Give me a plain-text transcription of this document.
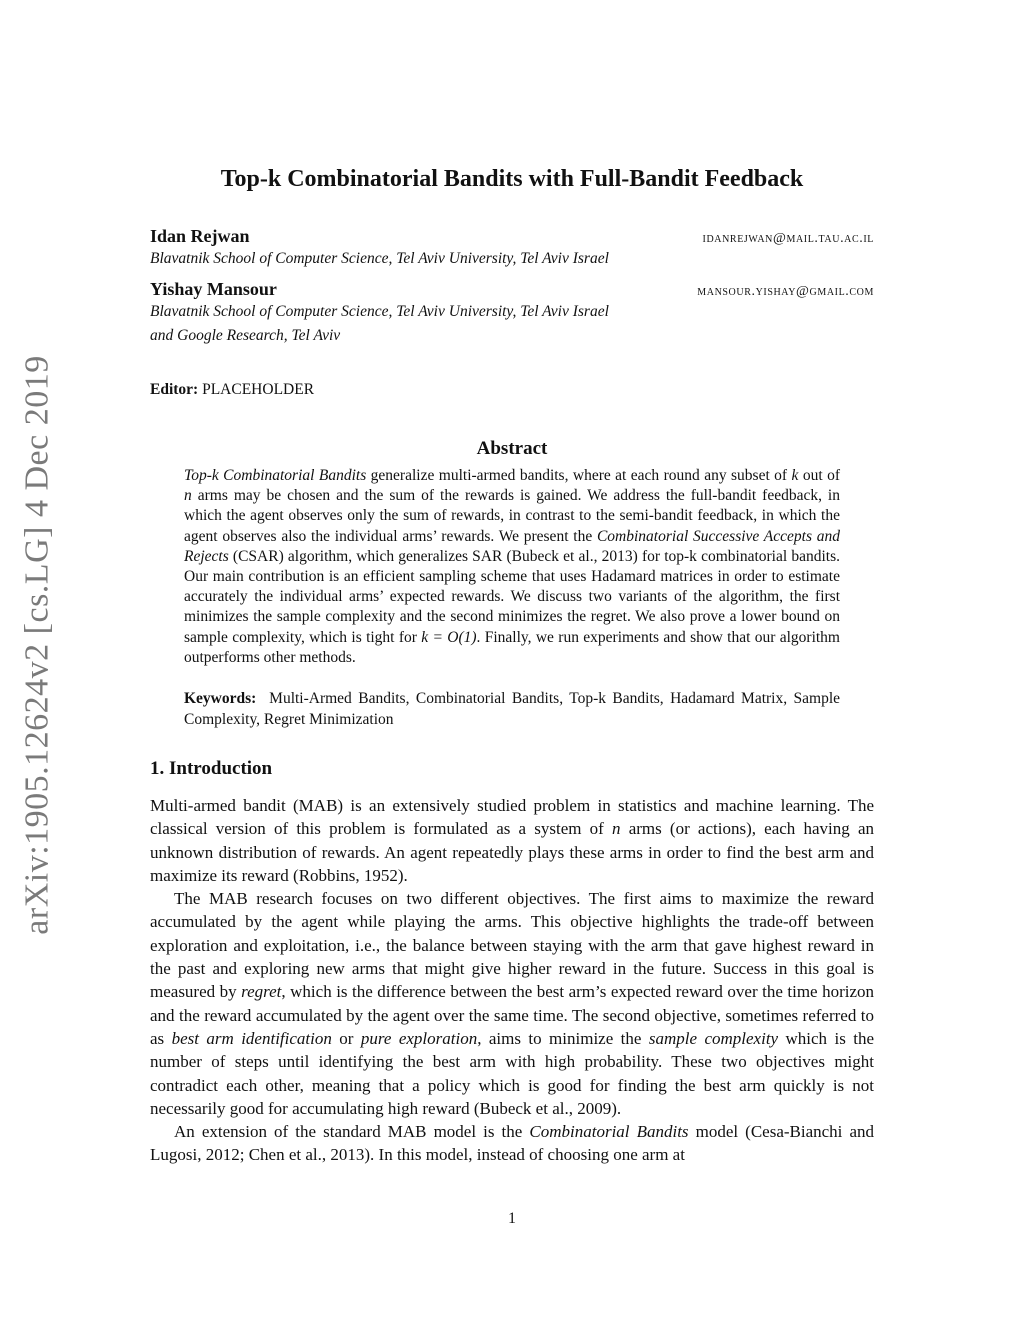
arXiv:1905.12624v2 [cs.LG] 4 Dec 2019
Top-k Combinatorial Bandits with Full-Bandit Feedback
Idan Rejwan	idanrejwan@mail.tau.ac.il
Blavatnik School of Computer Science, Tel Aviv University, Tel Aviv Israel
Yishay Mansour	mansour.yishay@gmail.com
Blavatnik School of Computer Science, Tel Aviv University, Tel Aviv Israel
and Google Research, Tel Aviv
Editor: PLACEHOLDER
Abstract

Top-k Combinatorial Bandits generalize multi-armed bandits, where at each round any subset of k out of n arms may be chosen and the sum of the rewards is gained. We address the full-bandit feedback, in which the agent observes only the sum of rewards, in contrast to the semi-bandit feedback, in which the agent observes also the individual arms’ rewards. We present the Combinatorial Successive Accepts and Rejects (CSAR) algorithm, which generalizes SAR (Bubeck et al., 2013) for top-k combinatorial bandits. Our main contribution is an efficient sampling scheme that uses Hadamard matrices in order to estimate accurately the individual arms’ expected rewards. We discuss two variants of the algorithm, the first minimizes the sample complexity and the second minimizes the regret. We also prove a lower bound on sample complexity, which is tight for k = O(1). Finally, we run experiments and show that our algorithm outperforms other methods.

Keywords: Multi-Armed Bandits, Combinatorial Bandits, Top-k Bandits, Hadamard Matrix, Sample Complexity, Regret Minimization
1. Introduction

Multi-armed bandit (MAB) is an extensively studied problem in statistics and machine learning. The classical version of this problem is formulated as a system of n arms (or actions), each having an unknown distribution of rewards. An agent repeatedly plays these arms in order to find the best arm and maximize its reward (Robbins, 1952).

The MAB research focuses on two different objectives. The first aims to maximize the reward accumulated by the agent while playing the arms. This objective highlights the trade-off between exploration and exploitation, i.e., the balance between staying with the arm that gave highest reward in the past and exploring new arms that might give higher reward in the future. Success in this goal is measured by regret, which is the difference between the best arm’s expected reward over the time horizon and the reward accumulated by the agent over the same time. The second objective, sometimes referred to as best arm identification or pure exploration, aims to minimize the sample complexity which is the number of steps until identifying the best arm with high probability. These two objectives might contradict each other, meaning that a policy which is good for finding the best arm quickly is not necessarily good for accumulating high reward (Bubeck et al., 2009).

An extension of the standard MAB model is the Combinatorial Bandits model (Cesa-Bianchi and Lugosi, 2012; Chen et al., 2013). In this model, instead of choosing one arm at

1
